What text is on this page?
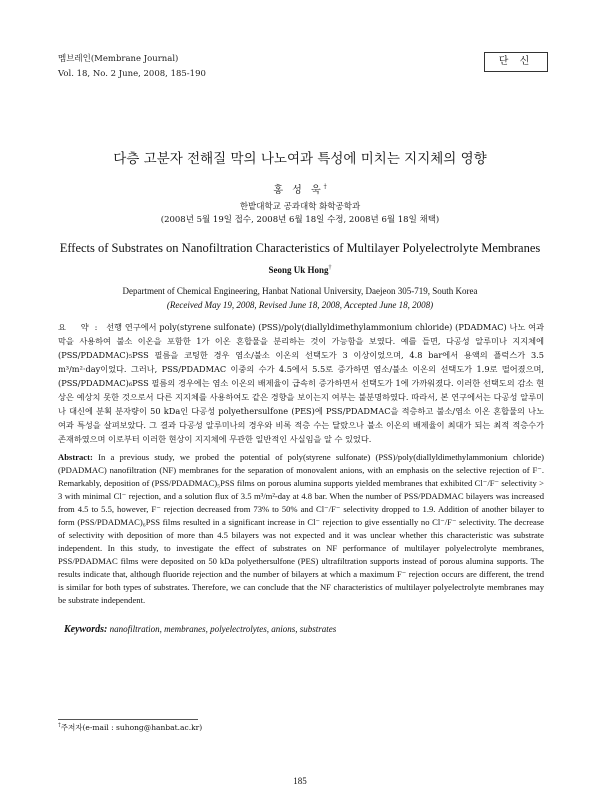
멤브레인(Membrane Journal)
Vol. 18, No. 2 June, 2008, 185-190
단 신
다층 고분자 전해질 막의 나노여과 특성에 미치는 지지체의 영향
홍 성 욱†
한밭대학교 공과대학 화학공학과
(2008년 5월 19일 접수, 2008년 6월 18일 수정, 2008년 6월 18일 채택)
Effects of Substrates on Nanofiltration Characteristics of Multilayer Polyelectrolyte Membranes
Seong Uk Hong†
Department of Chemical Engineering, Hanbat National University, Daejeon 305-719, South Korea
(Received May 19, 2008, Revised June 18, 2008, Accepted June 18, 2008)
요 약: 선행 연구에서 poly(styrene sulfonate) (PSS)/poly(diallyldimethylammonium chloride) (PDADMAC) 나노 여과막을 사용하여 불소 이온을 포함한 1가 이온 혼합물을 분리하는 것이 가능함을 보였다. 예를 들면, 다공성 알루미나 지지체에 (PSS/PDADMAC)₅PSS 필름을 코팅한 경우 염소/불소 이온의 선택도가 3 이상이었으며, 4.8 bar에서 용액의 플럭스가 3.5 m³/m²·day이었다. 그러나, PSS/PDADMAC 이중의 수가 4.5에서 5.5로 증가하면 염소/불소 이온의 선택도가 1.9로 떨어졌으며, (PSS/PDADMAC)₆PSS 필름의 경우에는 염소 이온의 배제율이 급속히 증가하면서 선택도가 1에 가까워졌다. 이러한 선택도의 감소 현상은 예상치 못한 것으로서 다른 지지체를 사용하여도 같은 경향을 보이는지 여부는 불분명하였다. 따라서, 본 연구에서는 다공성 알루미나 대신에 분획 분자량이 50 kDa인 다공성 polyethersulfone (PES)에 PSS/PDADMAC을 적층하고 불소/염소 이온 혼합물의 나노 여과 특성을 살펴보았다. 그 결과 다공성 알루미나의 경우와 비록 적층 수는 달랐으나 불소 이온의 배제율이 최대가 되는 최적 적층수가 존재하였으며 이로부터 이러한 현상이 지지체에 무관한 일반적인 사실임을 알 수 있었다.
Abstract: In a previous study, we probed the potential of poly(styrene sulfonate) (PSS)/poly(diallyldimethylammonium chloride) (PDADMAC) nanofiltration (NF) membranes for the separation of monovalent anions, with an emphasis on the selective rejection of F⁻. Remarkably, deposition of (PSS/PDADMAC)₅PSS films on porous alumina supports yielded membranes that exhibited Cl⁻/F⁻ selectivity > 3 with minimal Cl⁻ rejection, and a solution flux of 3.5 m³/m²-day at 4.8 bar. When the number of PSS/PDADMAC bilayers was increased from 4.5 to 5.5, however, F⁻ rejection decreased from 73% to 50% and Cl⁻/F⁻ selectivity dropped to 1.9. Addition of another bilayer to form (PSS/PDADMAC)₆PSS films resulted in a significant increase in Cl⁻ rejection to give essentially no Cl⁻/F⁻ selectivity. The decrease of selectivity with deposition of more than 4.5 bilayers was not expected and it was unclear whether this characteristic was substrate independent. In this study, to investigate the effect of substrates on NF performance of multilayer polyelectrolyte membranes, PSS/PDADMAC films were deposited on 50 kDa polyethersulfone (PES) ultrafiltration supports instead of porous alumina supports. The results indicate that, although fluoride rejection and the number of bilayers at which a maximum F⁻ rejection occurs are different, the trend is similar for both types of substrates. Therefore, we can conclude that the NF characteristics of multilayer polyelectrolyte membranes may be substrate independent.
Keywords: nanofiltration, membranes, polyelectrolytes, anions, substrates
†주저자(e-mail : suhong@hanbat.ac.kr)
185
